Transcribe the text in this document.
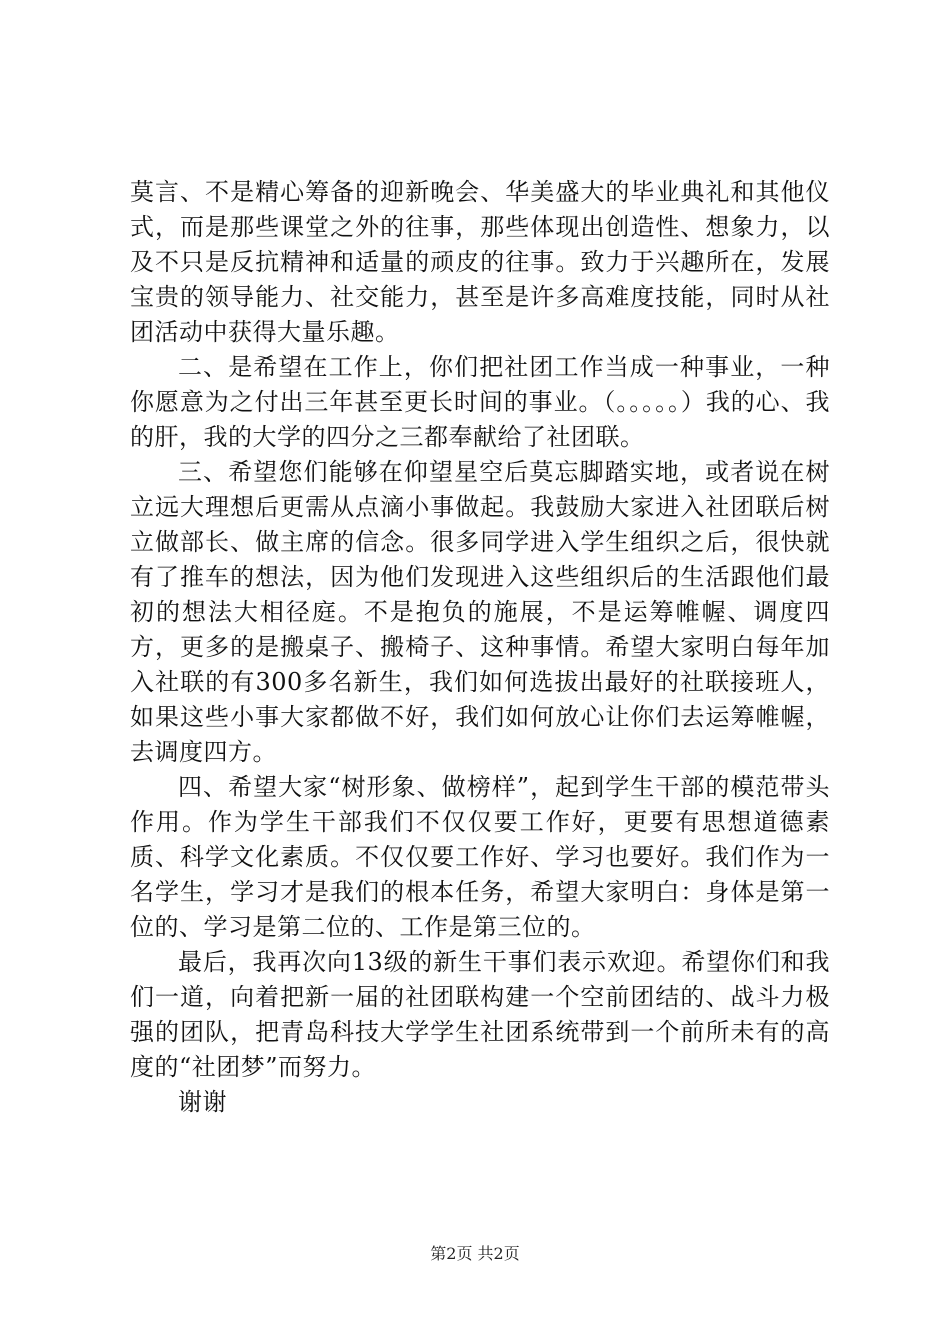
莫言、不是精心筹备的迎新晚会、华美盛大的毕业典礼和其他仪式，而是那些课堂之外的往事，那些体现出创造性、想象力，以及不只是反抗精神和适量的顽皮的往事。致力于兴趣所在，发展宝贵的领导能力、社交能力，甚至是许多高难度技能，同时从社团活动中获得大量乐趣。

二、是希望在工作上，你们把社团工作当成一种事业，一种你愿意为之付出三年甚至更长时间的事业。（。。。。。）我的心、我的肝，我的大学的四分之三都奉献给了社团联。

三、希望您们能够在仰望星空后莫忘脚踏实地，或者说在树立远大理想后更需从点滴小事做起。我鼓励大家进入社团联后树立做部长、做主席的信念。很多同学进入学生组织之后，很快就有了推车的想法，因为他们发现进入这些组织后的生活跟他们最初的想法大相径庭。不是抱负的施展，不是运筹帷幄、调度四方，更多的是搬桌子、搬椅子、这种事情。希望大家明白每年加入社联的有300多名新生，我们如何选拔出最好的社联接班人，如果这些小事大家都做不好，我们如何放心让你们去运筹帷幄，去调度四方。

四、希望大家“树形象、做榜样”，起到学生干部的模范带头作用。作为学生干部我们不仅仅要工作好，更要有思想道德素质、科学文化素质。不仅仅要工作好、学习也要好。我们作为一名学生，学习才是我们的根本任务，希望大家明白：身体是第一位的、学习是第二位的、工作是第三位的。

最后，我再次向13级的新生干事们表示欢迎。希望你们和我们一道，向着把新一届的社团联构建一个空前团结的、战斗力极强的团队，把青岛科技大学学生社团系统带到一个前所未有的高度的“社团梦”而努力。

谢谢

第2页 共2页
